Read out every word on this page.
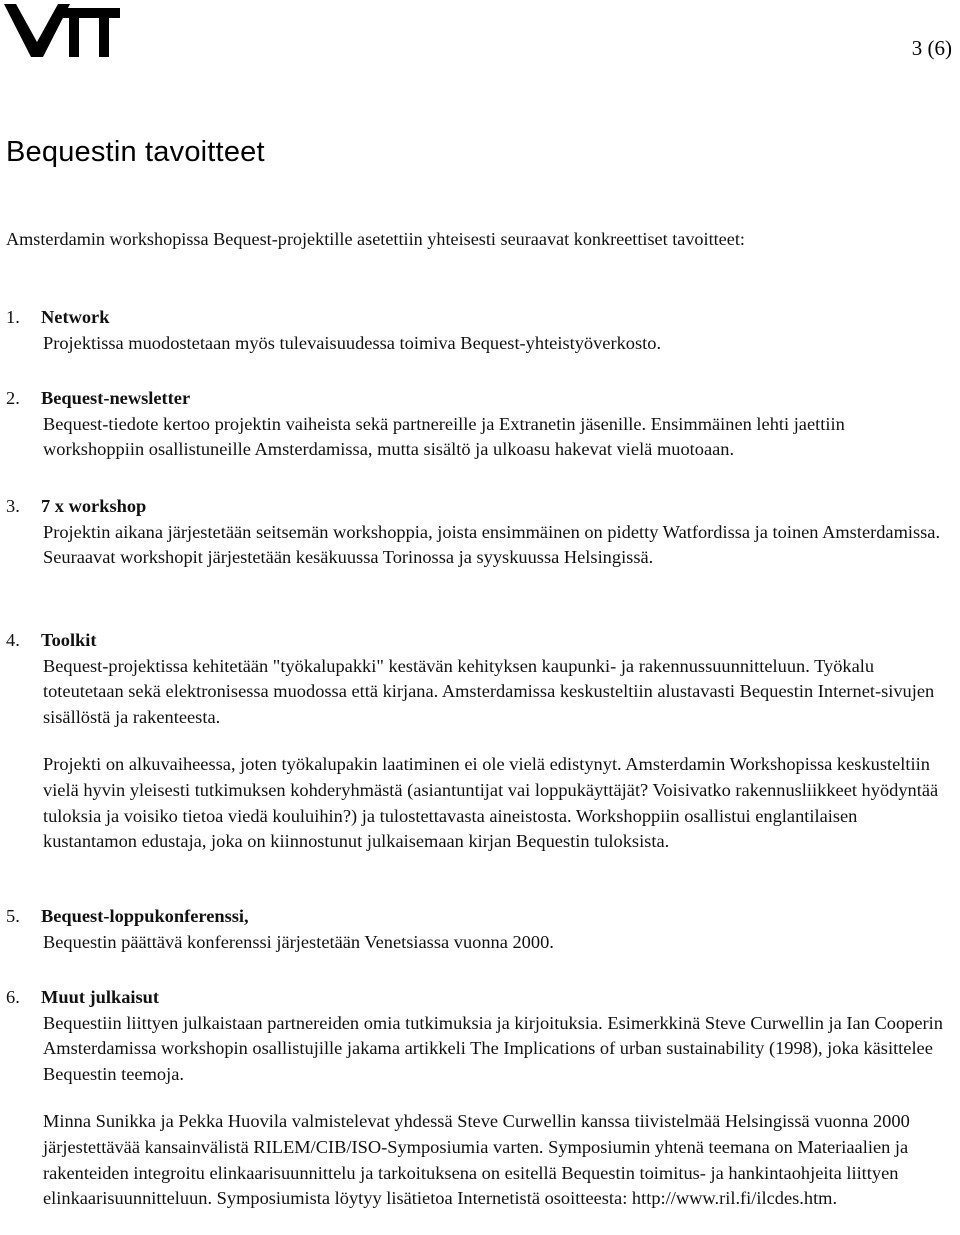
3 (6)
Bequestin tavoitteet

Amsterdamin workshopissa Bequest-projektille asetettiin yhteisesti seuraavat konkreettiset tavoitteet:

1. Network

Projektissa muodostetaan myös tulevaisuudessa toimiva Bequest-yhteistyöverkosto.

2. Bequest-newsletter

Bequest-tiedote kertoo projektin vaiheista sekä partnereille ja Extranetin jäsenille. Ensimmäinen lehti jaettiin workshoppiin osallistuneille Amsterdamissa, mutta sisältö ja ulkoasu hakevat vielä muotoaan.

3. 7 x workshop

Projektin aikana järjestetään seitsemän workshoppia, joista ensimmäinen on pidetty Watfordissa ja toinen Amsterdamissa. Seuraavat workshopit järjestetään kesäkuussa Torinossa ja syyskuussa Helsingissä.

4. Toolkit

Bequest-projektissa kehitetään "työkalupakki" kestävän kehityksen kaupunki- ja rakennussuunnitteluun. Työkalu toteutetaan sekä elektronisessa muodossa että kirjana. Amsterdamissa keskusteltiin alustavasti Bequestin Internet-sivujen sisällöstä ja rakenteesta.

Projekti on alkuvaiheessa, joten työkalupakin laatiminen ei ole vielä edistynyt. Amsterdamin Workshopissa keskusteltiin vielä hyvin yleisesti tutkimuksen kohderyhmästä (asiantuntijat vai loppukäyttäjät? Voisivatko rakennusliikkeet hyödyntää tuloksia ja voisiko tietoa viedä kouluihin?) ja tulostettavasta aineistosta. Workshoppiin osallistui englantilaisen kustantamon edustaja, joka on kiinnostunut julkaisemaan kirjan Bequestin tuloksista.

5. Bequest-loppukonferenssi,

Bequestin päättävä konferenssi järjestetään Venetsiassa vuonna 2000.

6. Muut julkaisut

Bequestiin liittyen julkaistaan partnereiden omia tutkimuksia ja kirjoituksia. Esimerkkinä Steve Curwellin ja Ian Cooperin Amsterdamissa workshopin osallistujille jakama artikkeli The Implications of urban sustainability (1998), joka käsittelee Bequestin teemoja.

Minna Sunikka ja Pekka Huovila valmistelevat yhdessä Steve Curwellin kanssa tiivistelmää Helsingissä vuonna 2000 järjestettävää kansainvälistä RILEM/CIB/ISO-Symposiumia varten. Symposiumin yhtenä teemana on Materiaalien ja rakenteiden integroitu elinkaarisuunnittelu ja tarkoituksena on esitellä Bequestin toimitus- ja hankintaohjeita liittyen elinkaarisuunnitteluun. Symposiumista löytyy lisätietoa Internetistä osoitteesta: http://www.ril.fi/ilcdes.htm.
